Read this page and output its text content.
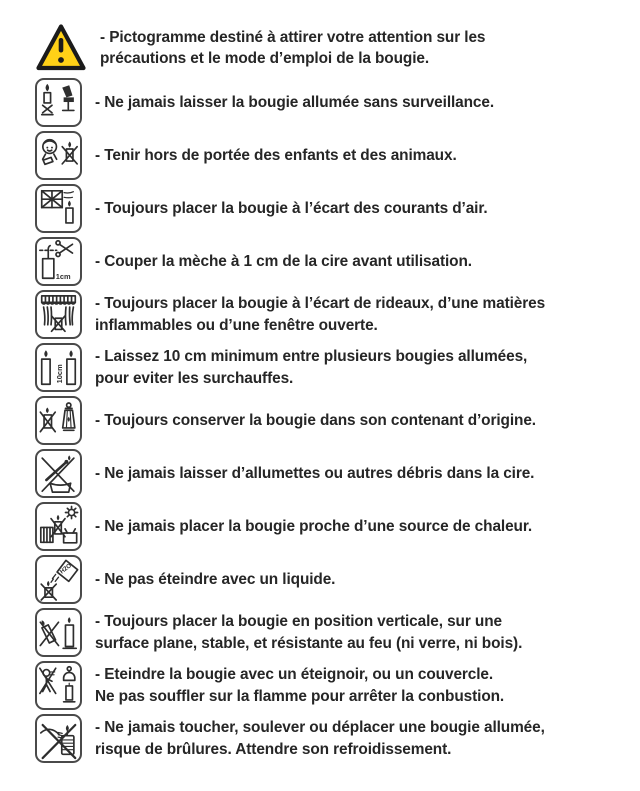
- Pictogramme destiné à attirer votre attention sur les
précautions et le mode d’emploi de la bougie.
- Ne jamais laisser la bougie allumée sans surveillance.
- Tenir hors de portée des enfants et des animaux.
- Toujours placer la bougie à l’écart des courants d’air.
1cm
- Couper la mèche à 1 cm de la cire avant utilisation.
- Toujours placer la bougie à l’écart de rideaux, d’une matières
inflammables ou d’une fenêtre ouverte.
10cm
- Laissez 10 cm minimum entre plusieurs bougies allumées,
pour eviter les surchauffes.
- Toujours conserver la bougie dans son contenant d’origine.
- Ne jamais laisser d’allumettes ou autres débris dans la cire.
- Ne jamais placer la bougie proche d’une source de chaleur.
H2O
- Ne pas éteindre avec un liquide.
- Toujours placer la bougie en position verticale, sur une
surface plane, stable, et résistante au feu (ni verre, ni bois).
- Eteindre la bougie avec un éteignoir, ou un couvercle.
Ne pas souffler sur la flamme pour arrêter la conbustion.
- Ne jamais toucher, soulever ou déplacer une bougie allumée,
risque de brûlures. Attendre son refroidissement.
